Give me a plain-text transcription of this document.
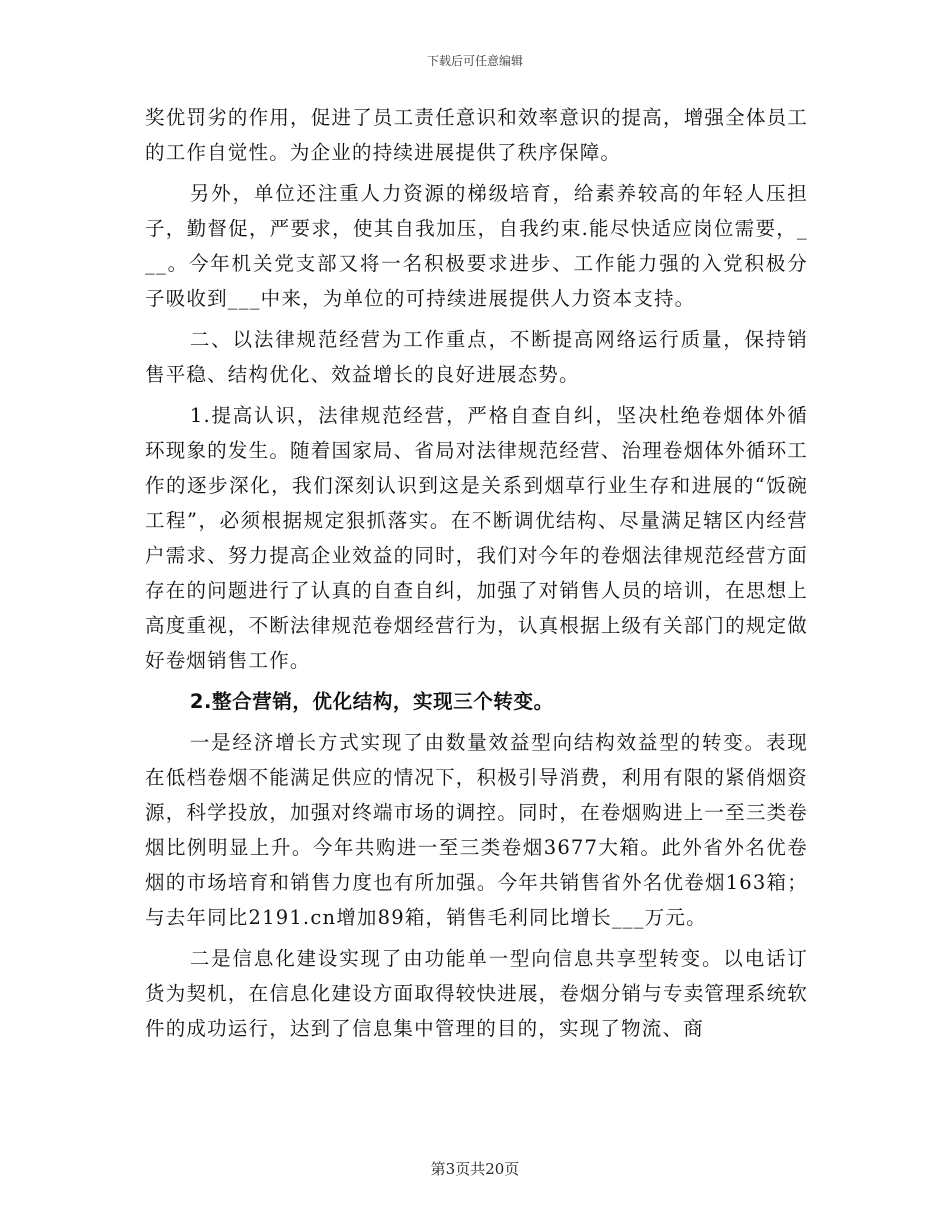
下载后可任意编辑

奖优罚劣的作用，促进了员工责任意识和效率意识的提高，增强全体员工的工作自觉性。为企业的持续进展提供了秩序保障。

另外，单位还注重人力资源的梯级培育，给素养较高的年轻人压担子，勤督促，严要求，使其自我加压，自我约束.能尽快适应岗位需要，___。今年机关党支部又将一名积极要求进步、工作能力强的入党积极分子吸收到___中来，为单位的可持续进展提供人力资本支持。

二、以法律规范经营为工作重点，不断提高网络运行质量，保持销售平稳、结构优化、效益增长的良好进展态势。

1.提高认识，法律规范经营，严格自查自纠，坚决杜绝卷烟体外循环现象的发生。随着国家局、省局对法律规范经营、治理卷烟体外循环工作的逐步深化，我们深刻认识到这是关系到烟草行业生存和进展的“饭碗工程”，必须根据规定狠抓落实。在不断调优结构、尽量满足辖区内经营户需求、努力提高企业效益的同时，我们对今年的卷烟法律规范经营方面存在的问题进行了认真的自查自纠，加强了对销售人员的培训，在思想上高度重视，不断法律规范卷烟经营行为，认真根据上级有关部门的规定做好卷烟销售工作。

2.整合营销，优化结构，实现三个转变。

一是经济增长方式实现了由数量效益型向结构效益型的转变。表现在低档卷烟不能满足供应的情况下，积极引导消费，利用有限的紧俏烟资源，科学投放，加强对终端市场的调控。同时，在卷烟购进上一至三类卷烟比例明显上升。今年共购进一至三类卷烟3677大箱。此外省外名优卷烟的市场培育和销售力度也有所加强。今年共销售省外名优卷烟163箱；与去年同比2191.cn增加89箱，销售毛利同比增长___万元。

二是信息化建设实现了由功能单一型向信息共享型转变。以电话订货为契机，在信息化建设方面取得较快进展，卷烟分销与专卖管理系统软件的成功运行，达到了信息集中管理的目的，实现了物流、商

第3页共20页
